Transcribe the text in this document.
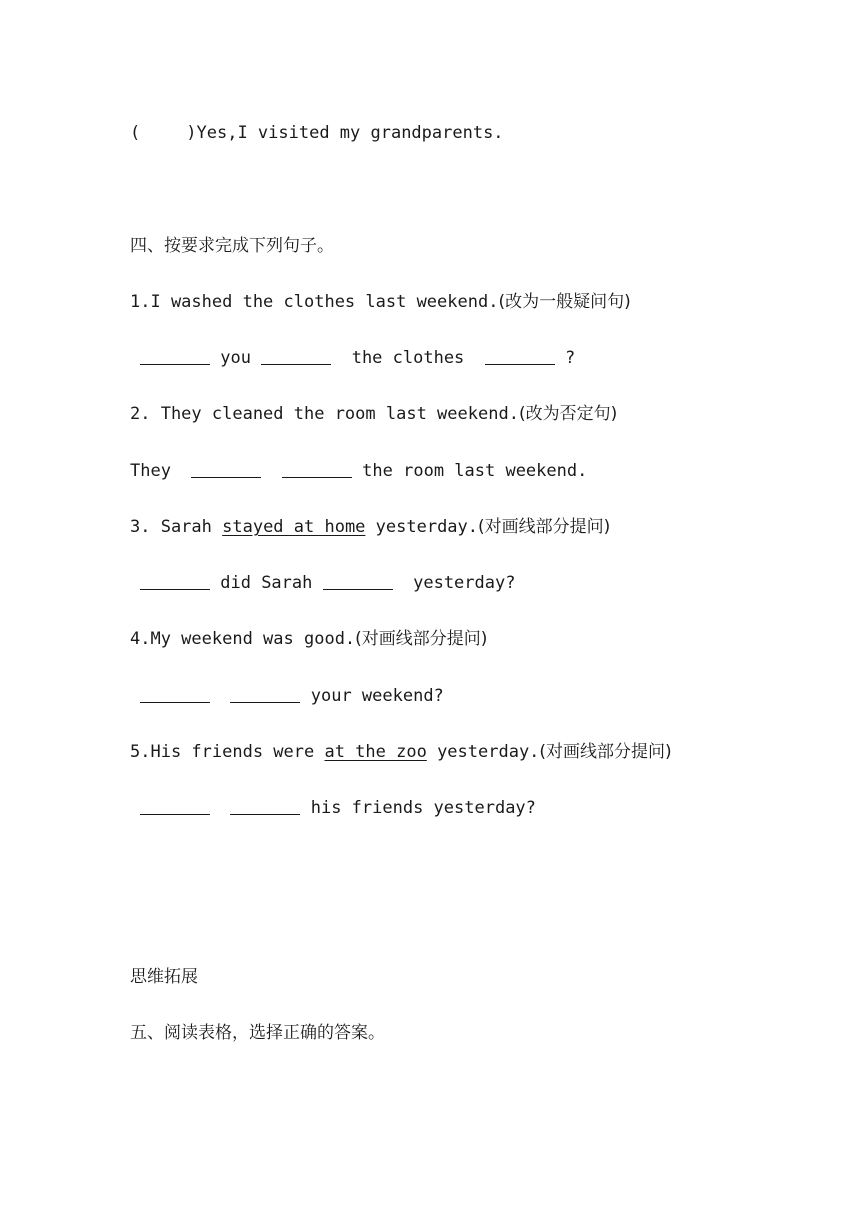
(	)Yes,I visited my grandparents.
四、按要求完成下列句子。
1.I washed the clothes last weekend.(改为一般疑问句)
you	the clothes	?
2. They cleaned the room last weekend.(改为否定句)
They	the room last weekend.
3. Sarah stayed at home yesterday.(对画线部分提问)
did Sarah	yesterday?
4.My weekend was good.(对画线部分提问)
your weekend?
5.His friends were at the zoo yesterday.(对画线部分提问)
his friends yesterday?
思维拓展
五、阅读表格，选择正确的答案。
